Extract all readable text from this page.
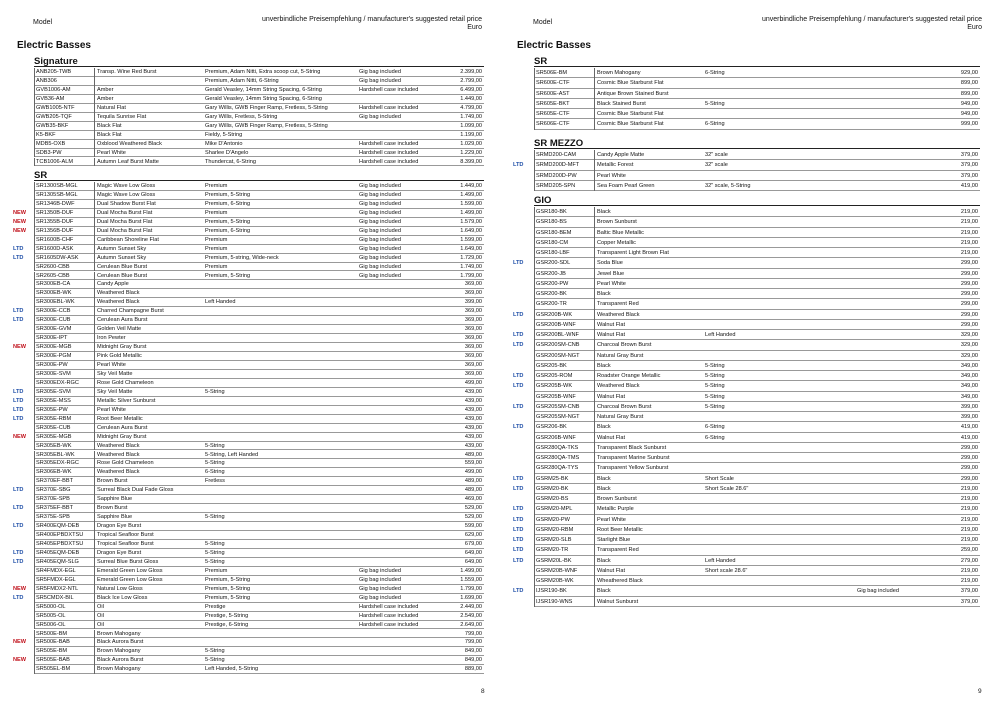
Model	unverbindliche Preisempfehlung / manufacturer's suggested retail price
Euro
Electric Basses
Signature
ANB205-TWB	Transp. Wine Red Burst	Premium, Adam Nitti, Extra scoop cut, 5-String	Gig bag included	2.399,00
ANB306	Premium, Adam Nitti, 6-String	Gig bag included	2.799,00
GVB1006-AM	Amber	Gerald Veasley, 14mm String Spacing, 6-String	Hardshell case included	6.499,00
GVB36-AM	Amber	Gerald Veasley, 14mm String Spacing, 6-String	1.449,00
GWB1005-NTF	Natural Flat	Gary Willis, GWB Finger Ramp, Fretless, 5-String	Hardshell case included	4.799,00
GWB205-TQF	Tequila Sunrise Flat	Gary Willis, Fretless, 5-String	Gig bag included	1.749,00
GWB35-BKF	Black Flat	Gary Willis, GWB Finger Ramp, Fretless, 5-String	1.099,00
K5-BKF	Black Flat	Fieldy, 5-String	1.199,00
MDB5-OXB	Oxblood Weathered Black	Mike D'Antonio	Hardshell case included	1.029,00
SDB3-PW	Pearl White	Sharlee D'Angelo	Hardshell case included	1.229,00
TCB1006-ALM	Autumn Leaf Burst Matte	Thundercat, 6-String	Hardshell case included	8.399,00
SR
SR1300SB-MGL	Magic Wave Low Gloss	Premium	Gig bag included	1.449,00
SR1305SB-MGL	Magic Wave Low Gloss	Premium, 5-String	Gig bag included	1.499,00
SR1346B-DWF	Dual Shadow Burst Flat	Premium, 6-String	Gig bag included	1.599,00
NEW	SR1350B-DUF	Dual Mocha Burst Flat	Premium	Gig bag included	1.499,00
NEW	SR1355B-DUF	Dual Mocha Burst Flat	Premium, 5-String	Gig bag included	1.579,00
NEW	SR1356B-DUF	Dual Mocha Burst Flat	Premium, 6-String	Gig bag included	1.649,00
SR1600B-CHF	Caribbean Shoreline Flat	Premium	Gig bag included	1.599,00
LTD	SR1600D-ASK	Autumn Sunset Sky	Premium	Gig bag included	1.649,00
LTD	SR1605DW-ASK	Autumn Sunset Sky	Premium, 5-string, Wide-neck	Gig bag included	1.729,00
SR2600-CBB	Cerulean Blue Burst	Premium	Gig bag included	1.749,00
SR2605-CBB	Cerulean Blue Burst	Premium, 5-String	Gig bag included	1.799,00
SR300EB-CA	Candy Apple	369,00
SR300EB-WK	Weathered Black	369,00
SR300EBL-WK	Weathered Black	Left Handed	399,00
LTD	SR300E-CCB	Charred Champagne Burst	369,00
LTD	SR300E-CUB	Cerulean Aura Burst	369,00
SR300E-GVM	Golden Veil Matte	369,00
SR300E-IPT	Iron Pewter	369,00
NEW	SR300E-MGB	Midnight Gray Burst	369,00
SR300E-PGM	Pink Gold Metallic	369,00
SR300E-PW	Pearl White	369,00
SR300E-SVM	Sky Veil Matte	369,00
SR300EDX-RGC	Rose Gold Chameleon	499,00
LTD	SR305E-SVM	Sky Veil Matte	5-String	439,00
LTD	SR305E-MSS	Metallic Silver Sunburst	439,00
LTD	SR305E-PW	Pearl White	439,00
LTD	SR305E-RBM	Root Beer Metallic	439,00
SR305E-CUB	Cerulean Aura Burst	439,00
NEW	SR305E-MGB	Midnight Gray Burst	439,00
SR305EB-WK	Weathered Black	5-String	439,00
SR305EBL-WK	Weathered Black	5-String, Left Handed	489,00
SR305EDX-RGC	Rose Gold Chameleon	5-String	559,00
SR306EB-WK	Weathered Black	6-String	499,00
SR370EF-BBT	Brown Burst	Fretless	489,00
LTD	SR370E-SBG	Surreal Black Dual Fade Gloss	489,00
SR370E-SPB	Sapphire Blue	469,00
LTD	SR375EF-BBT	Brown Burst	529,00
SR375E-SPB	Sapphire Blue	5-String	529,00
LTD	SR400EQM-DEB	Dragon Eye Burst	599,00
SR400EPBDXTSU	Tropical Seafloor Burst	629,00
SR405EPBDXTSU	Tropical Seafloor Burst	5-String	679,00
LTD	SR405EQM-DEB	Dragon Eye Burst	5-String	649,00
LTD	SR405EQM-SLG	Surreal Blue Burst Gloss	5-String	649,00
SR4FMDX-EGL	Emerald Green Low Gloss	Premium	Gig bag included	1.499,00
SR5FMDX-EGL	Emerald Green Low Gloss	Premium, 5-String	Gig bag included	1.559,00
NEW	SR5FMDX2-NTL	Natural Low Gloss	Premium, 5-String	Gig bag included	1.799,00
LTD	SR5CMDX-BIL	Black Ice Low Gloss	Premium, 5-String	Gig bag included	1.699,00
SR5000-OL	Oil	Prestige	Hardshell case included	2.449,00
SR5005-OL	Oil	Prestige, 5-String	Hardshell case included	2.549,00
SR5006-OL	Oil	Prestige, 6-String	Hardshell case included	2.649,00
SR500E-BM	Brown Mahogany	799,00
NEW	SR500E-BAB	Black Aurora Burst	799,00
SR505E-BM	Brown Mahogany	5-String	849,00
NEW	SR505E-BAB	Black Aurora Burst	5-String	849,00
SR505EL-BM	Brown Mahogany	Left Handed, 5-String	889,00
8
Model	unverbindliche Preisempfehlung / manufacturer's suggested retail price
Euro
Electric Basses
SR
SR506E-BM	Brown Mahogany	6-String	929,00
SR600E-CTF	Cosmic Blue Starburst Flat	899,00
SR600E-AST	Antique Brown Stained Burst	899,00
SR605E-BKT	Black Stained Burst	5-String	949,00
SR605E-CTF	Cosmic Blue Starburst Flat	949,00
SR606E-CTF	Cosmic Blue Starburst Flat	6-String	999,00
SR MEZZO
SRMD200-CAM	Candy Apple Matte	32" scale	379,00
LTD	SRMD200D-MFT	Metallic Forest	32" scale	379,00
SRMD200D-PW	Pearl White	379,00
SRMD205-SPN	Sea Foam Pearl Green	32" scale, 5-String	419,00
GIO
GSR180-BK	Black	219,00
GSR180-BS	Brown Sunburst	219,00
GSR180-BEM	Baltic Blue Metallic	219,00
GSR180-CM	Copper Metallic	219,00
GSR180-LBF	Transparent Light Brown Flat	219,00
LTD	GSR200-SDL	Soda Blue	299,00
GSR200-JB	Jewel Blue	299,00
GSR200-PW	Pearl White	299,00
GSR200-BK	Black	299,00
GSR200-TR	Transparent Red	299,00
LTD	GSR200B-WK	Weathered Black	299,00
GSR200B-WNF	Walnut Flat	299,00
LTD	GSR200BL-WNF	Walnut Flat	Left Handed	329,00
LTD	GSR200SM-CNB	Charcoal Brown Burst	329,00
GSR200SM-NGT	Natural Gray Burst	329,00
GSR205-BK	Black	5-String	349,00
LTD	GSR205-ROM	Roadster Orange Metallic	5-String	349,00
LTD	GSR205B-WK	Weathered Black	5-String	349,00
GSR205B-WNF	Walnut Flat	5-String	349,00
LTD	GSR205SM-CNB	Charcoal Brown Burst	5-String	399,00
GSR205SM-NGT	Natural Gray Burst	399,00
LTD	GSR206-BK	Black	6-String	419,00
GSR206B-WNF	Walnut Flat	6-String	419,00
GSR280QA-TKS	Transparent Black Sunburst	299,00
GSR280QA-TMS	Transparent Marine Sunburst	299,00
GSR280QA-TYS	Transparent Yellow Sunburst	299,00
LTD	GSRM25-BK	Black	Short Scale	299,00
LTD	GSRM20-BK	Black	Short Scale 28.6"	219,00
GSRM20-BS	Brown Sunburst	219,00
LTD	GSRM20-MPL	Metallic Purple	219,00
LTD	GSRM20-PW	Pearl White	219,00
LTD	GSRM20-RBM	Root Beer Metallic	219,00
LTD	GSRM20-SLB	Starlight Blue	219,00
LTD	GSRM20-TR	Transparent Red	259,00
LTD	GSRM20L-BK	Black	Left Handed	279,00
GSRM20B-WNF	Walnut Flat	Short scale 28.6"	219,00
GSRM20B-WK	Wheathered Black	219,00
LTD	IJSR190-BK	Black	Gig bag included	379,00
IJSR190-WNS	Walnut Sunburst	379,00
9
